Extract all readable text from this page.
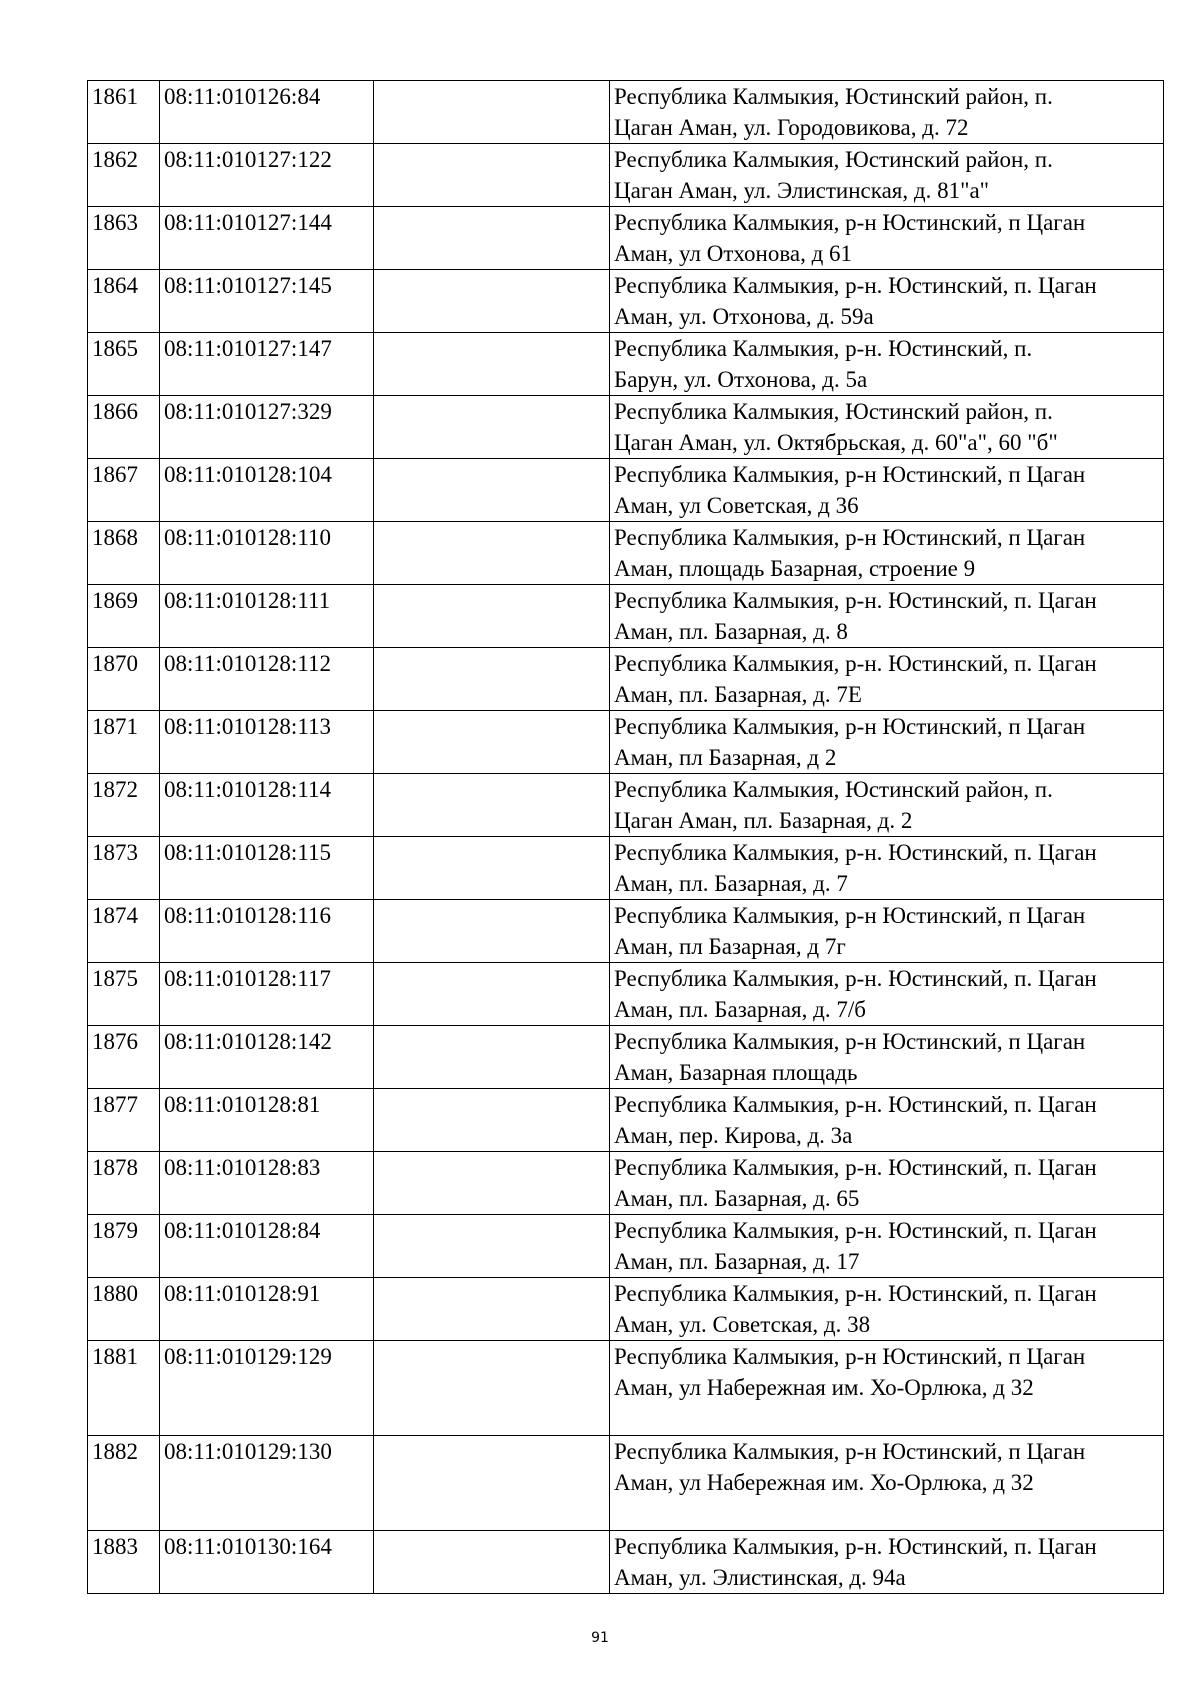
1861	08:11:010126:84		Республика Калмыкия, Юстинский район, п.
Цаган Аман, ул. Городовикова, д. 72
1862	08:11:010127:122		Республика Калмыкия, Юстинский район, п.
Цаган Аман, ул. Элистинская, д. 81"а"
1863	08:11:010127:144		Республика Калмыкия, р-н Юстинский, п Цаган
Аман, ул Отхонова, д 61
1864	08:11:010127:145		Республика Калмыкия, р-н. Юстинский, п. Цаган
Аман, ул. Отхонова, д. 59а
1865	08:11:010127:147		Республика Калмыкия, р-н. Юстинский, п.
Барун, ул. Отхонова, д. 5а
1866	08:11:010127:329		Республика Калмыкия, Юстинский район, п.
Цаган Аман, ул. Октябрьская, д. 60"а", 60 "б"
1867	08:11:010128:104		Республика Калмыкия, р-н Юстинский, п Цаган
Аман, ул Советская, д 36
1868	08:11:010128:110		Республика Калмыкия, р-н Юстинский, п Цаган
Аман, площадь Базарная, строение 9
1869	08:11:010128:111		Республика Калмыкия, р-н. Юстинский, п. Цаган
Аман, пл. Базарная, д. 8
1870	08:11:010128:112		Республика Калмыкия, р-н. Юстинский, п. Цаган
Аман, пл. Базарная, д. 7Е
1871	08:11:010128:113		Республика Калмыкия, р-н Юстинский, п Цаган
Аман, пл Базарная, д 2
1872	08:11:010128:114		Республика Калмыкия, Юстинский район, п.
Цаган Аман, пл. Базарная, д. 2
1873	08:11:010128:115		Республика Калмыкия, р-н. Юстинский, п. Цаган
Аман, пл. Базарная, д. 7
1874	08:11:010128:116		Республика Калмыкия, р-н Юстинский, п Цаган
Аман, пл Базарная, д 7г
1875	08:11:010128:117		Республика Калмыкия, р-н. Юстинский, п. Цаган
Аман, пл. Базарная, д. 7/б
1876	08:11:010128:142		Республика Калмыкия, р-н Юстинский, п Цаган
Аман, Базарная площадь
1877	08:11:010128:81		Республика Калмыкия, р-н. Юстинский, п. Цаган
Аман, пер. Кирова, д. 3а
1878	08:11:010128:83		Республика Калмыкия, р-н. Юстинский, п. Цаган
Аман, пл. Базарная, д. 65
1879	08:11:010128:84		Республика Калмыкия, р-н. Юстинский, п. Цаган
Аман, пл. Базарная, д. 17
1880	08:11:010128:91		Республика Калмыкия, р-н. Юстинский, п. Цаган
Аман, ул. Советская, д. 38
1881	08:11:010129:129		Республика Калмыкия, р-н Юстинский, п Цаган
Аман, ул Набережная им. Хо-Орлюка, д 32
1882	08:11:010129:130		Республика Калмыкия, р-н Юстинский, п Цаган
Аман, ул Набережная им. Хо-Орлюка, д 32
1883	08:11:010130:164		Республика Калмыкия, р-н. Юстинский, п. Цаган
Аман, ул. Элистинская, д. 94а
91
